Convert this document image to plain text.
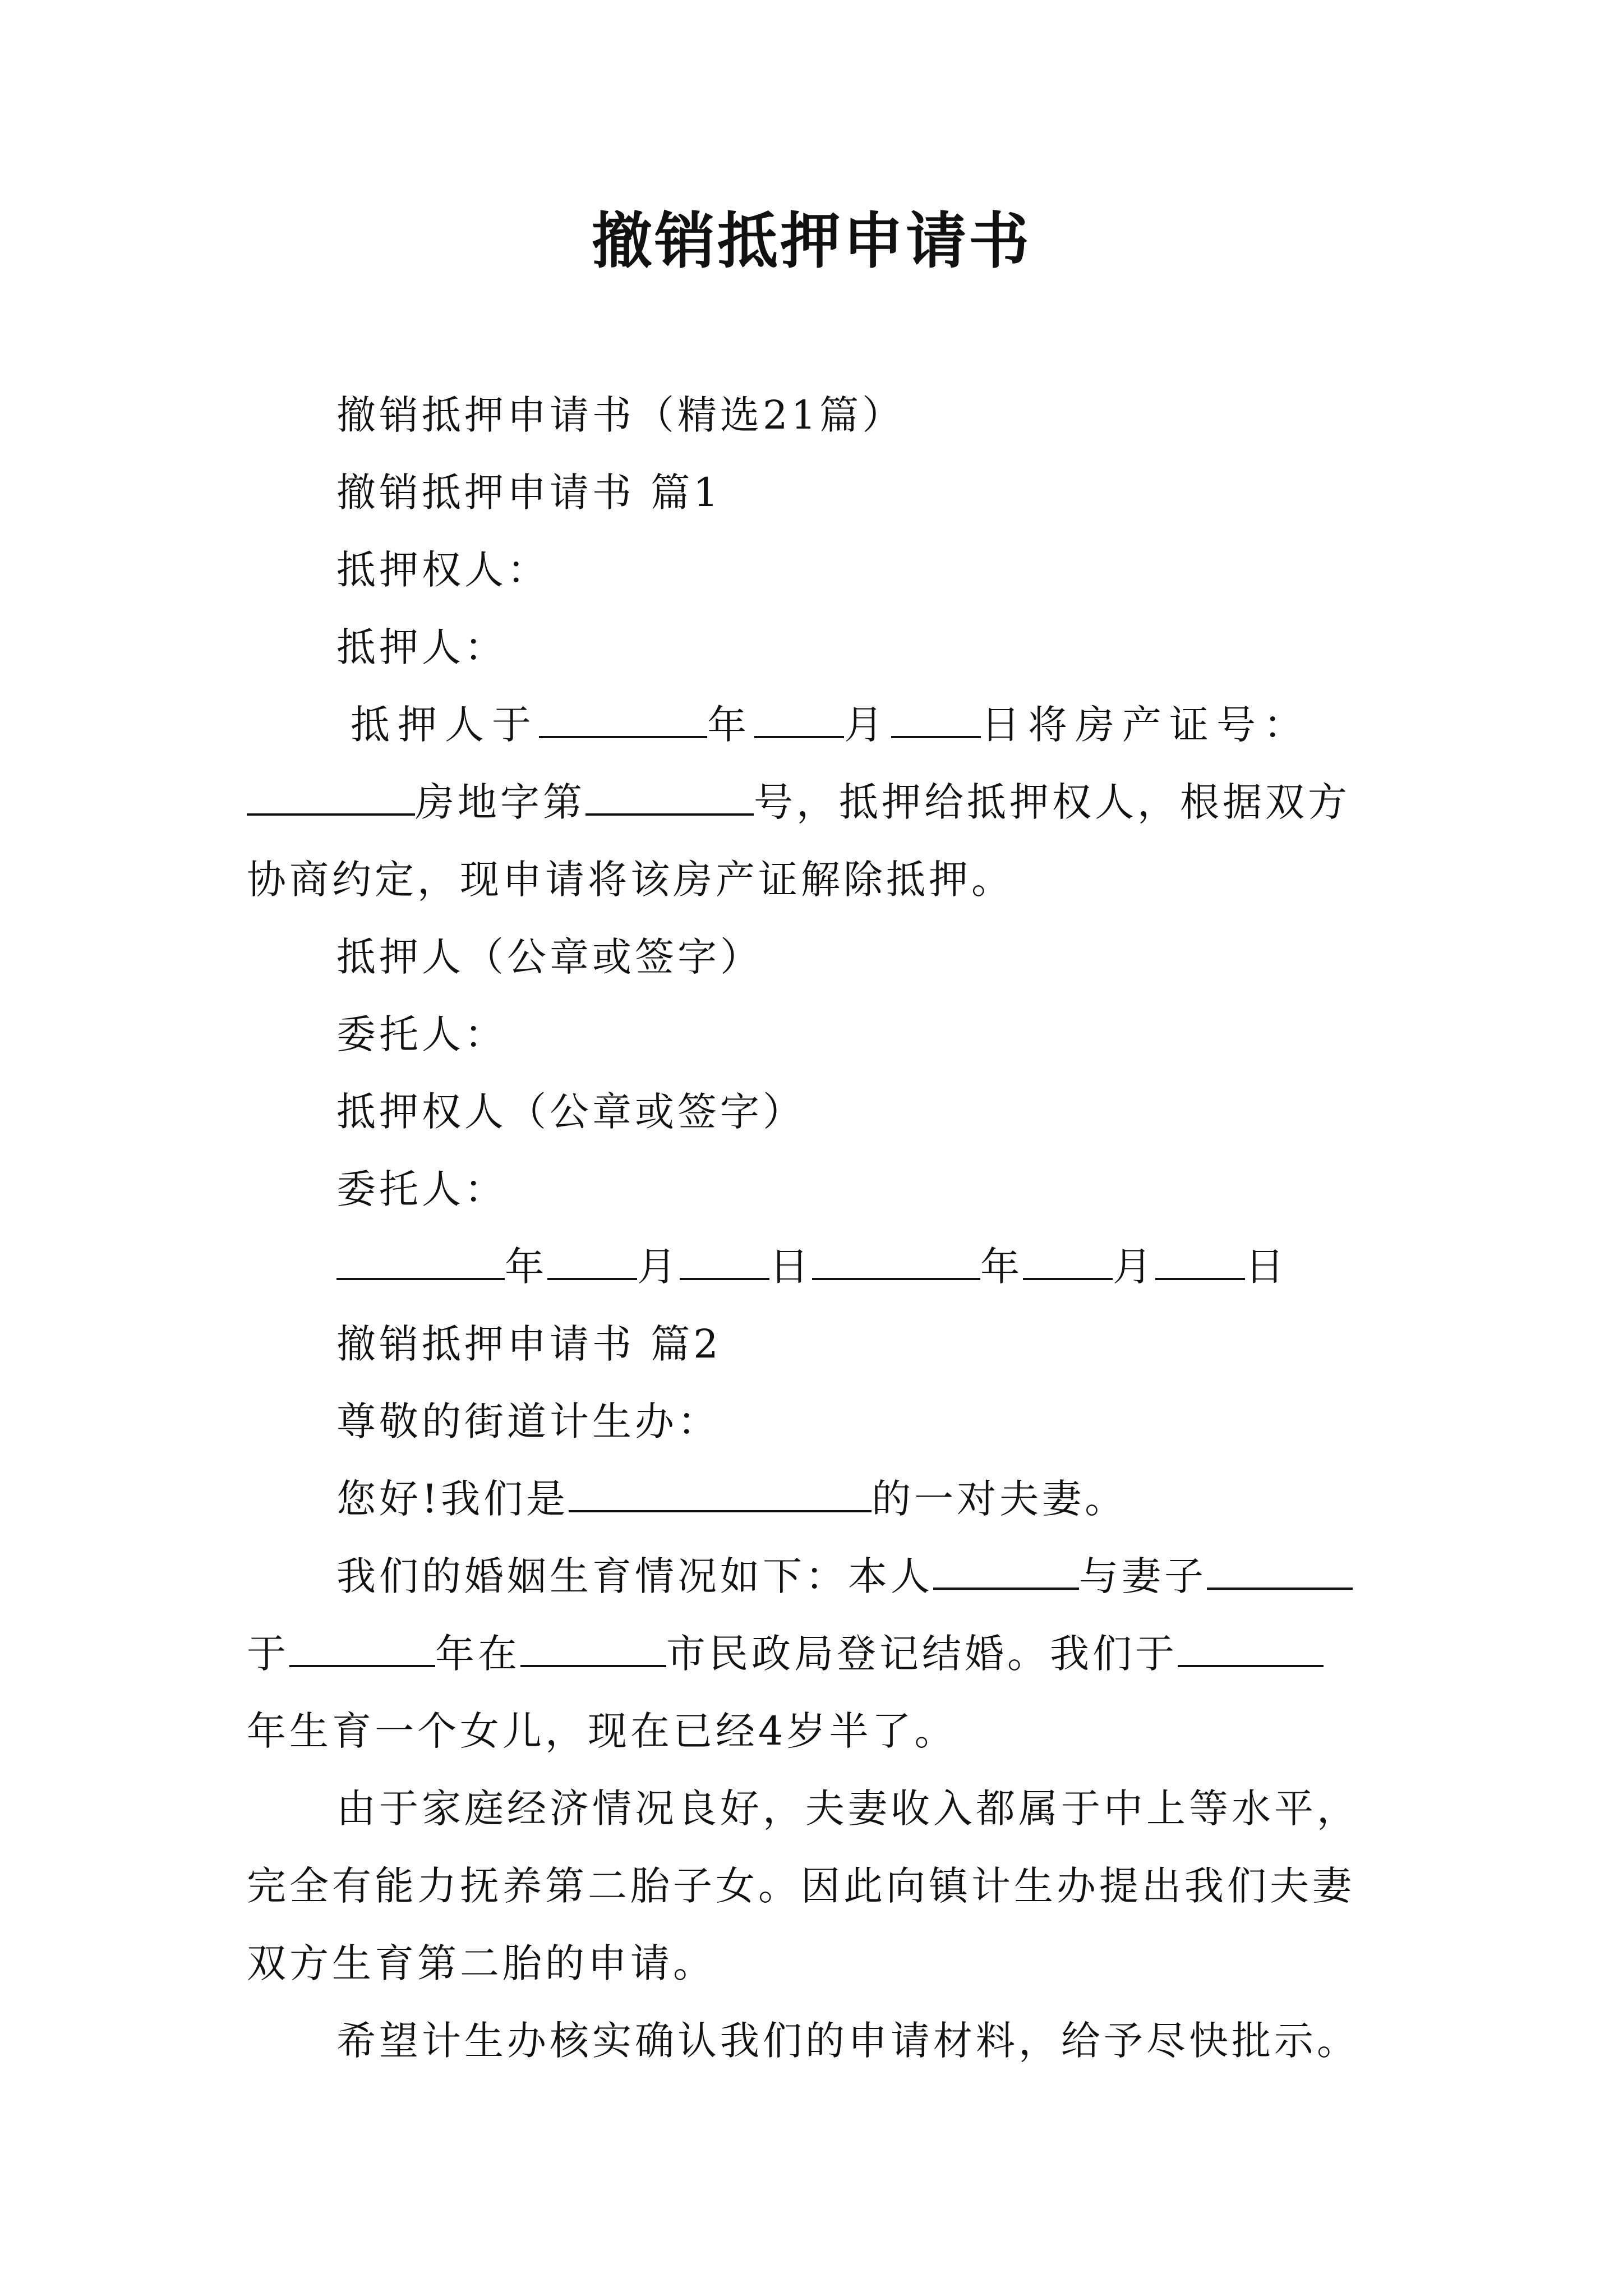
撤销抵押申请书
撤销抵押申请书（精选21篇）
撤销抵押申请书 篇1
抵押权人：
抵押人：
抵押人于	年 月 日将房产证号：
房地字第	号，抵押给抵押权人，根据双方
协商约定，现申请将该房产证解除抵押。
抵押人（公章或签字）
委托人：
抵押权人（公章或签字）
委托人：
年 月 日	年 月 日
撤销抵押申请书 篇2
尊敬的街道计生办：
您好!我们是	的一对夫妻。
我们的婚姻生育情况如下：本人	与妻子
于	年在	市民政局登记结婚。我们于
年生育一个女儿，现在已经4岁半了。
由于家庭经济情况良好，夫妻收入都属于中上等水平，
完全有能力抚养第二胎子女。因此向镇计生办提出我们夫妻
双方生育第二胎的申请。
希望计生办核实确认我们的申请材料，给予尽快批示。
